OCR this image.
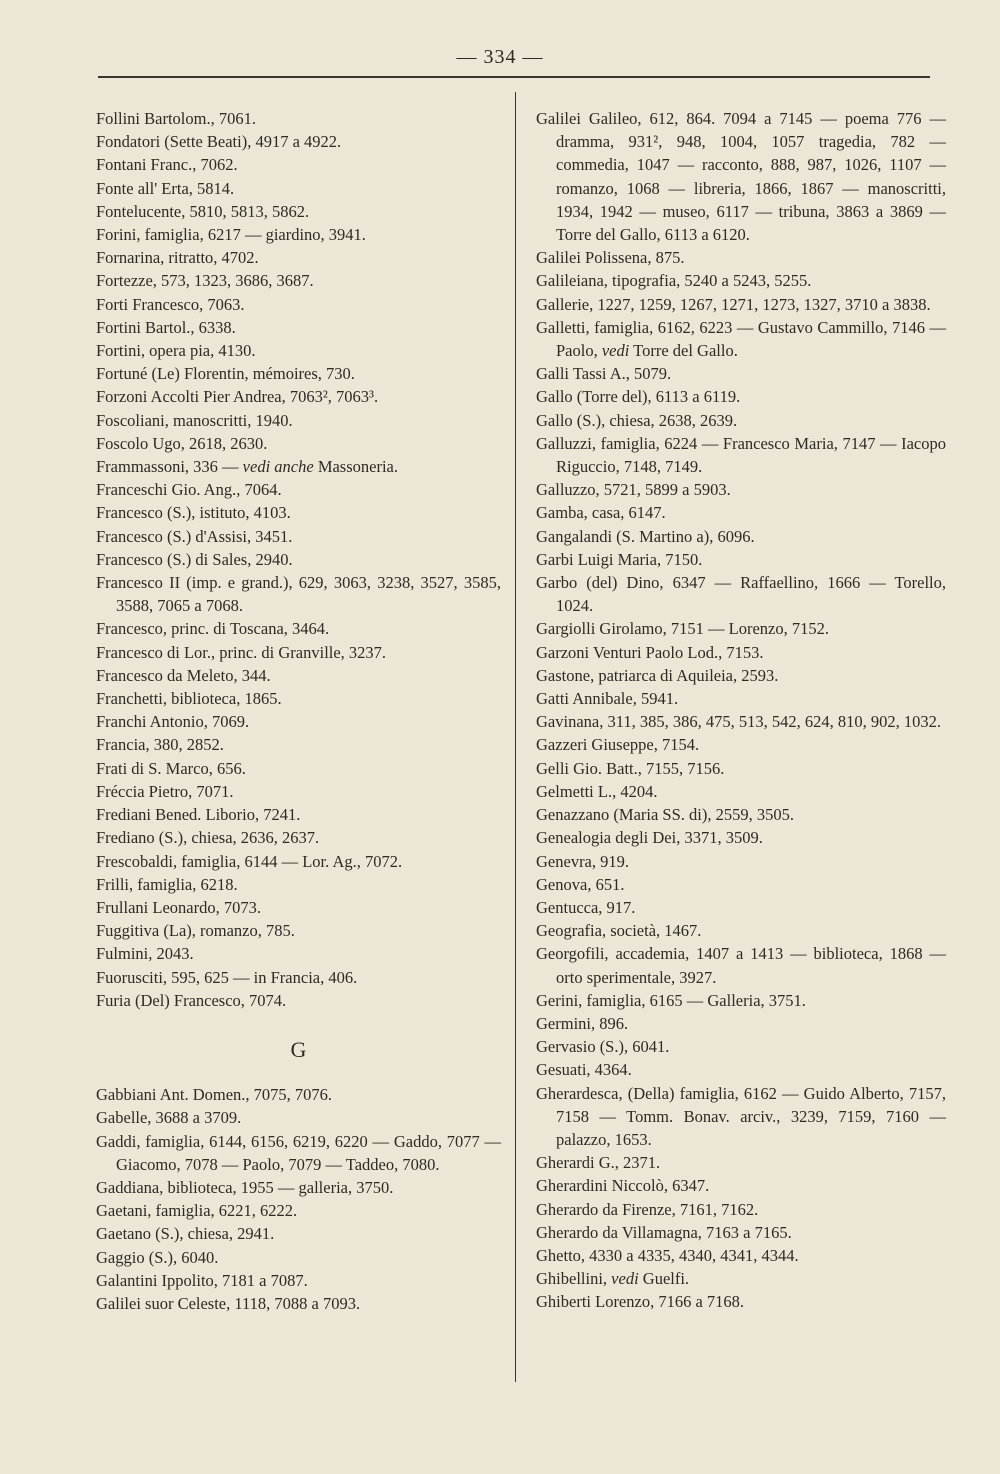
— 334 —
Follini Bartolom., 7061.
Fondatori (Sette Beati), 4917 a 4922.
Fontani Franc., 7062.
Fonte all' Erta, 5814.
Fontelucente, 5810, 5813, 5862.
Forini, famiglia, 6217 — giardino, 3941.
Fornarina, ritratto, 4702.
Fortezze, 573, 1323, 3686, 3687.
Forti Francesco, 7063.
Fortini Bartol., 6338.
Fortini, opera pia, 4130.
Fortuné (Le) Florentin, mémoires, 730.
Forzoni Accolti Pier Andrea, 7063², 7063³.
Foscoliani, manoscritti, 1940.
Foscolo Ugo, 2618, 2630.
Frammassoni, 336 — vedi anche Massoneria.
Franceschi Gio. Ang., 7064.
Francesco (S.), istituto, 4103.
Francesco (S.) d'Assisi, 3451.
Francesco (S.) di Sales, 2940.
Francesco II (imp. e grand.), 629, 3063, 3238, 3527, 3585, 3588, 7065 a 7068.
Francesco, princ. di Toscana, 3464.
Francesco di Lor., princ. di Granville, 3237.
Francesco da Meleto, 344.
Franchetti, biblioteca, 1865.
Franchi Antonio, 7069.
Francia, 380, 2852.
Frati di S. Marco, 656.
Fréccia Pietro, 7071.
Frediani Bened. Liborio, 7241.
Frediano (S.), chiesa, 2636, 2637.
Frescobaldi, famiglia, 6144 — Lor. Ag., 7072.
Frilli, famiglia, 6218.
Frullani Leonardo, 7073.
Fuggitiva (La), romanzo, 785.
Fulmini, 2043.
Fuorusciti, 595, 625 — in Francia, 406.
Furia (Del) Francesco, 7074.
G
Gabbiani Ant. Domen., 7075, 7076.
Gabelle, 3688 a 3709.
Gaddi, famiglia, 6144, 6156, 6219, 6220 — Gaddo, 7077 — Giacomo, 7078 — Paolo, 7079 — Taddeo, 7080.
Gaddiana, biblioteca, 1955 — galleria, 3750.
Gaetani, famiglia, 6221, 6222.
Gaetano (S.), chiesa, 2941.
Gaggio (S.), 6040.
Galantini Ippolito, 7181 a 7087.
Galilei suor Celeste, 1118, 7088 a 7093.
Galilei Galileo, 612, 864. 7094 a 7145 — poema 776 — dramma, 931², 948, 1004, 1057 tragedia, 782 — commedia, 1047 — racconto, 888, 987, 1026, 1107 — romanzo, 1068 — libreria, 1866, 1867 — manoscritti, 1934, 1942 — museo, 6117 — tribuna, 3863 a 3869 — Torre del Gallo, 6113 a 6120.
Galilei Polissena, 875.
Galileiana, tipografia, 5240 a 5243, 5255.
Gallerie, 1227, 1259, 1267, 1271, 1273, 1327, 3710 a 3838.
Galletti, famiglia, 6162, 6223 — Gustavo Cammillo, 7146 — Paolo, vedi Torre del Gallo.
Galli Tassi A., 5079.
Gallo (Torre del), 6113 a 6119.
Gallo (S.), chiesa, 2638, 2639.
Galluzzi, famiglia, 6224 — Francesco Maria, 7147 — Iacopo Riguccio, 7148, 7149.
Galluzzo, 5721, 5899 a 5903.
Gamba, casa, 6147.
Gangalandi (S. Martino a), 6096.
Garbi Luigi Maria, 7150.
Garbo (del) Dino, 6347 — Raffaellino, 1666 — Torello, 1024.
Gargiolli Girolamo, 7151 — Lorenzo, 7152.
Garzoni Venturi Paolo Lod., 7153.
Gastone, patriarca di Aquileia, 2593.
Gatti Annibale, 5941.
Gavinana, 311, 385, 386, 475, 513, 542, 624, 810, 902, 1032.
Gazzeri Giuseppe, 7154.
Gelli Gio. Batt., 7155, 7156.
Gelmetti L., 4204.
Genazzano (Maria SS. di), 2559, 3505.
Genealogia degli Dei, 3371, 3509.
Genevra, 919.
Genova, 651.
Gentucca, 917.
Geografia, società, 1467.
Georgofili, accademia, 1407 a 1413 — biblioteca, 1868 — orto sperimentale, 3927.
Gerini, famiglia, 6165 — Galleria, 3751.
Germini, 896.
Gervasio (S.), 6041.
Gesuati, 4364.
Gherardesca, (Della) famiglia, 6162 — Guido Alberto, 7157, 7158 — Tomm. Bonav. arciv., 3239, 7159, 7160 — palazzo, 1653.
Gherardi G., 2371.
Gherardini Niccolò, 6347.
Gherardo da Firenze, 7161, 7162.
Gherardo da Villamagna, 7163 a 7165.
Ghetto, 4330 a 4335, 4340, 4341, 4344.
Ghibellini, vedi Guelfi.
Ghiberti Lorenzo, 7166 a 7168.
